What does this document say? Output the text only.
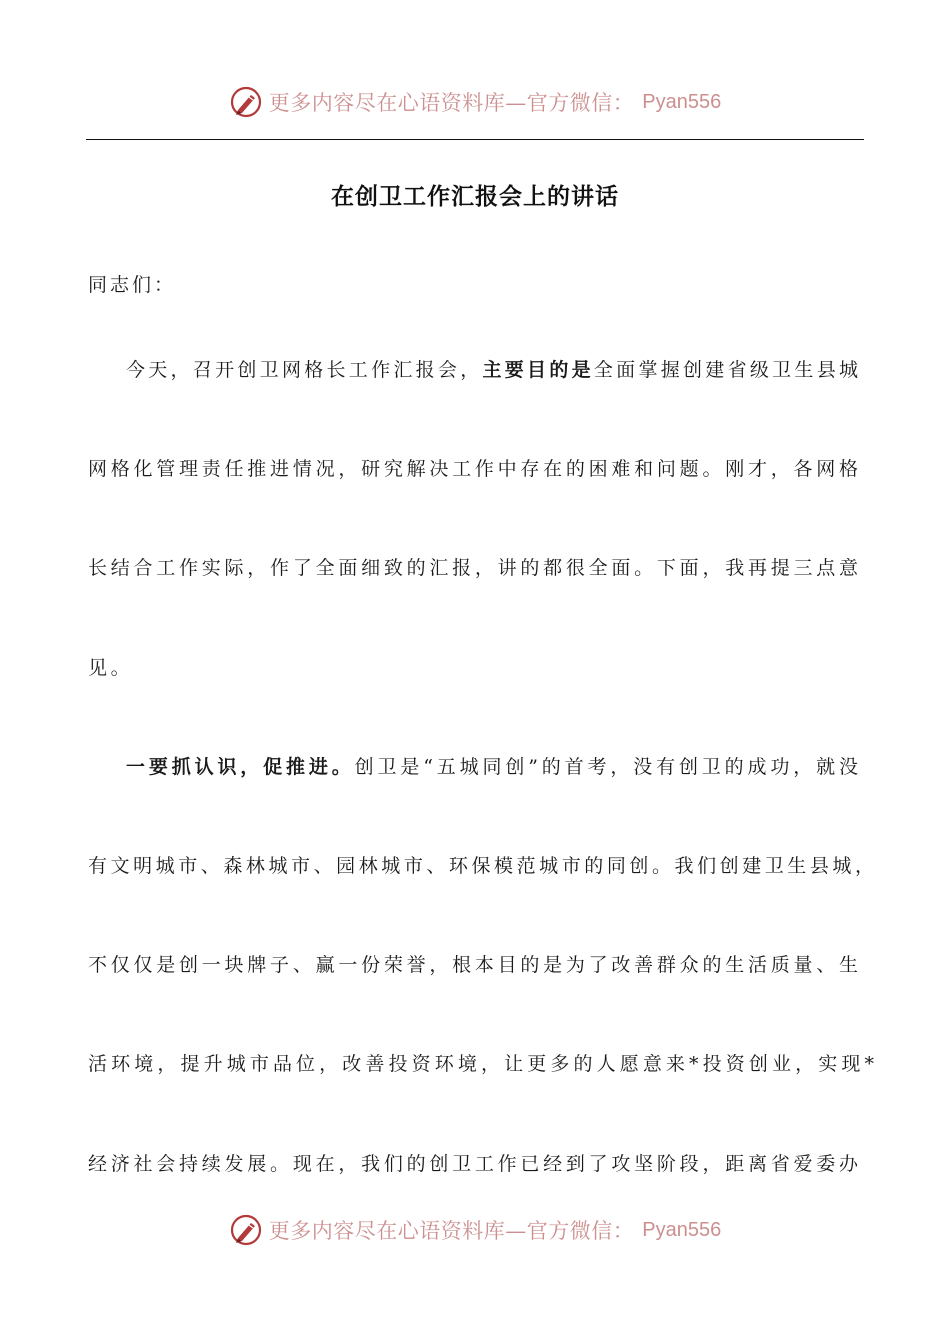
更多内容尽在心语资料库—官方微信： Pyan556
在创卫工作汇报会上的讲话
同志们：
今天，召开创卫网格长工作汇报会，主要目的是全面掌握创建省级卫生县城
网格化管理责任推进情况，研究解决工作中存在的困难和问题。刚才，各网格
长结合工作实际，作了全面细致的汇报，讲的都很全面。下面，我再提三点意
见。
一要抓认识，促推进。创卫是“五城同创”的首考，没有创卫的成功，就没
有文明城市、森林城市、园林城市、环保模范城市的同创。我们创建卫生县城，
不仅仅是创一块牌子、赢一份荣誉，根本目的是为了改善群众的生活质量、生
活环境，提升城市品位，改善投资环境，让更多的人愿意来*投资创业，实现*
经济社会持续发展。现在，我们的创卫工作已经到了攻坚阶段，距离省爱委办
更多内容尽在心语资料库—官方微信： Pyan556
